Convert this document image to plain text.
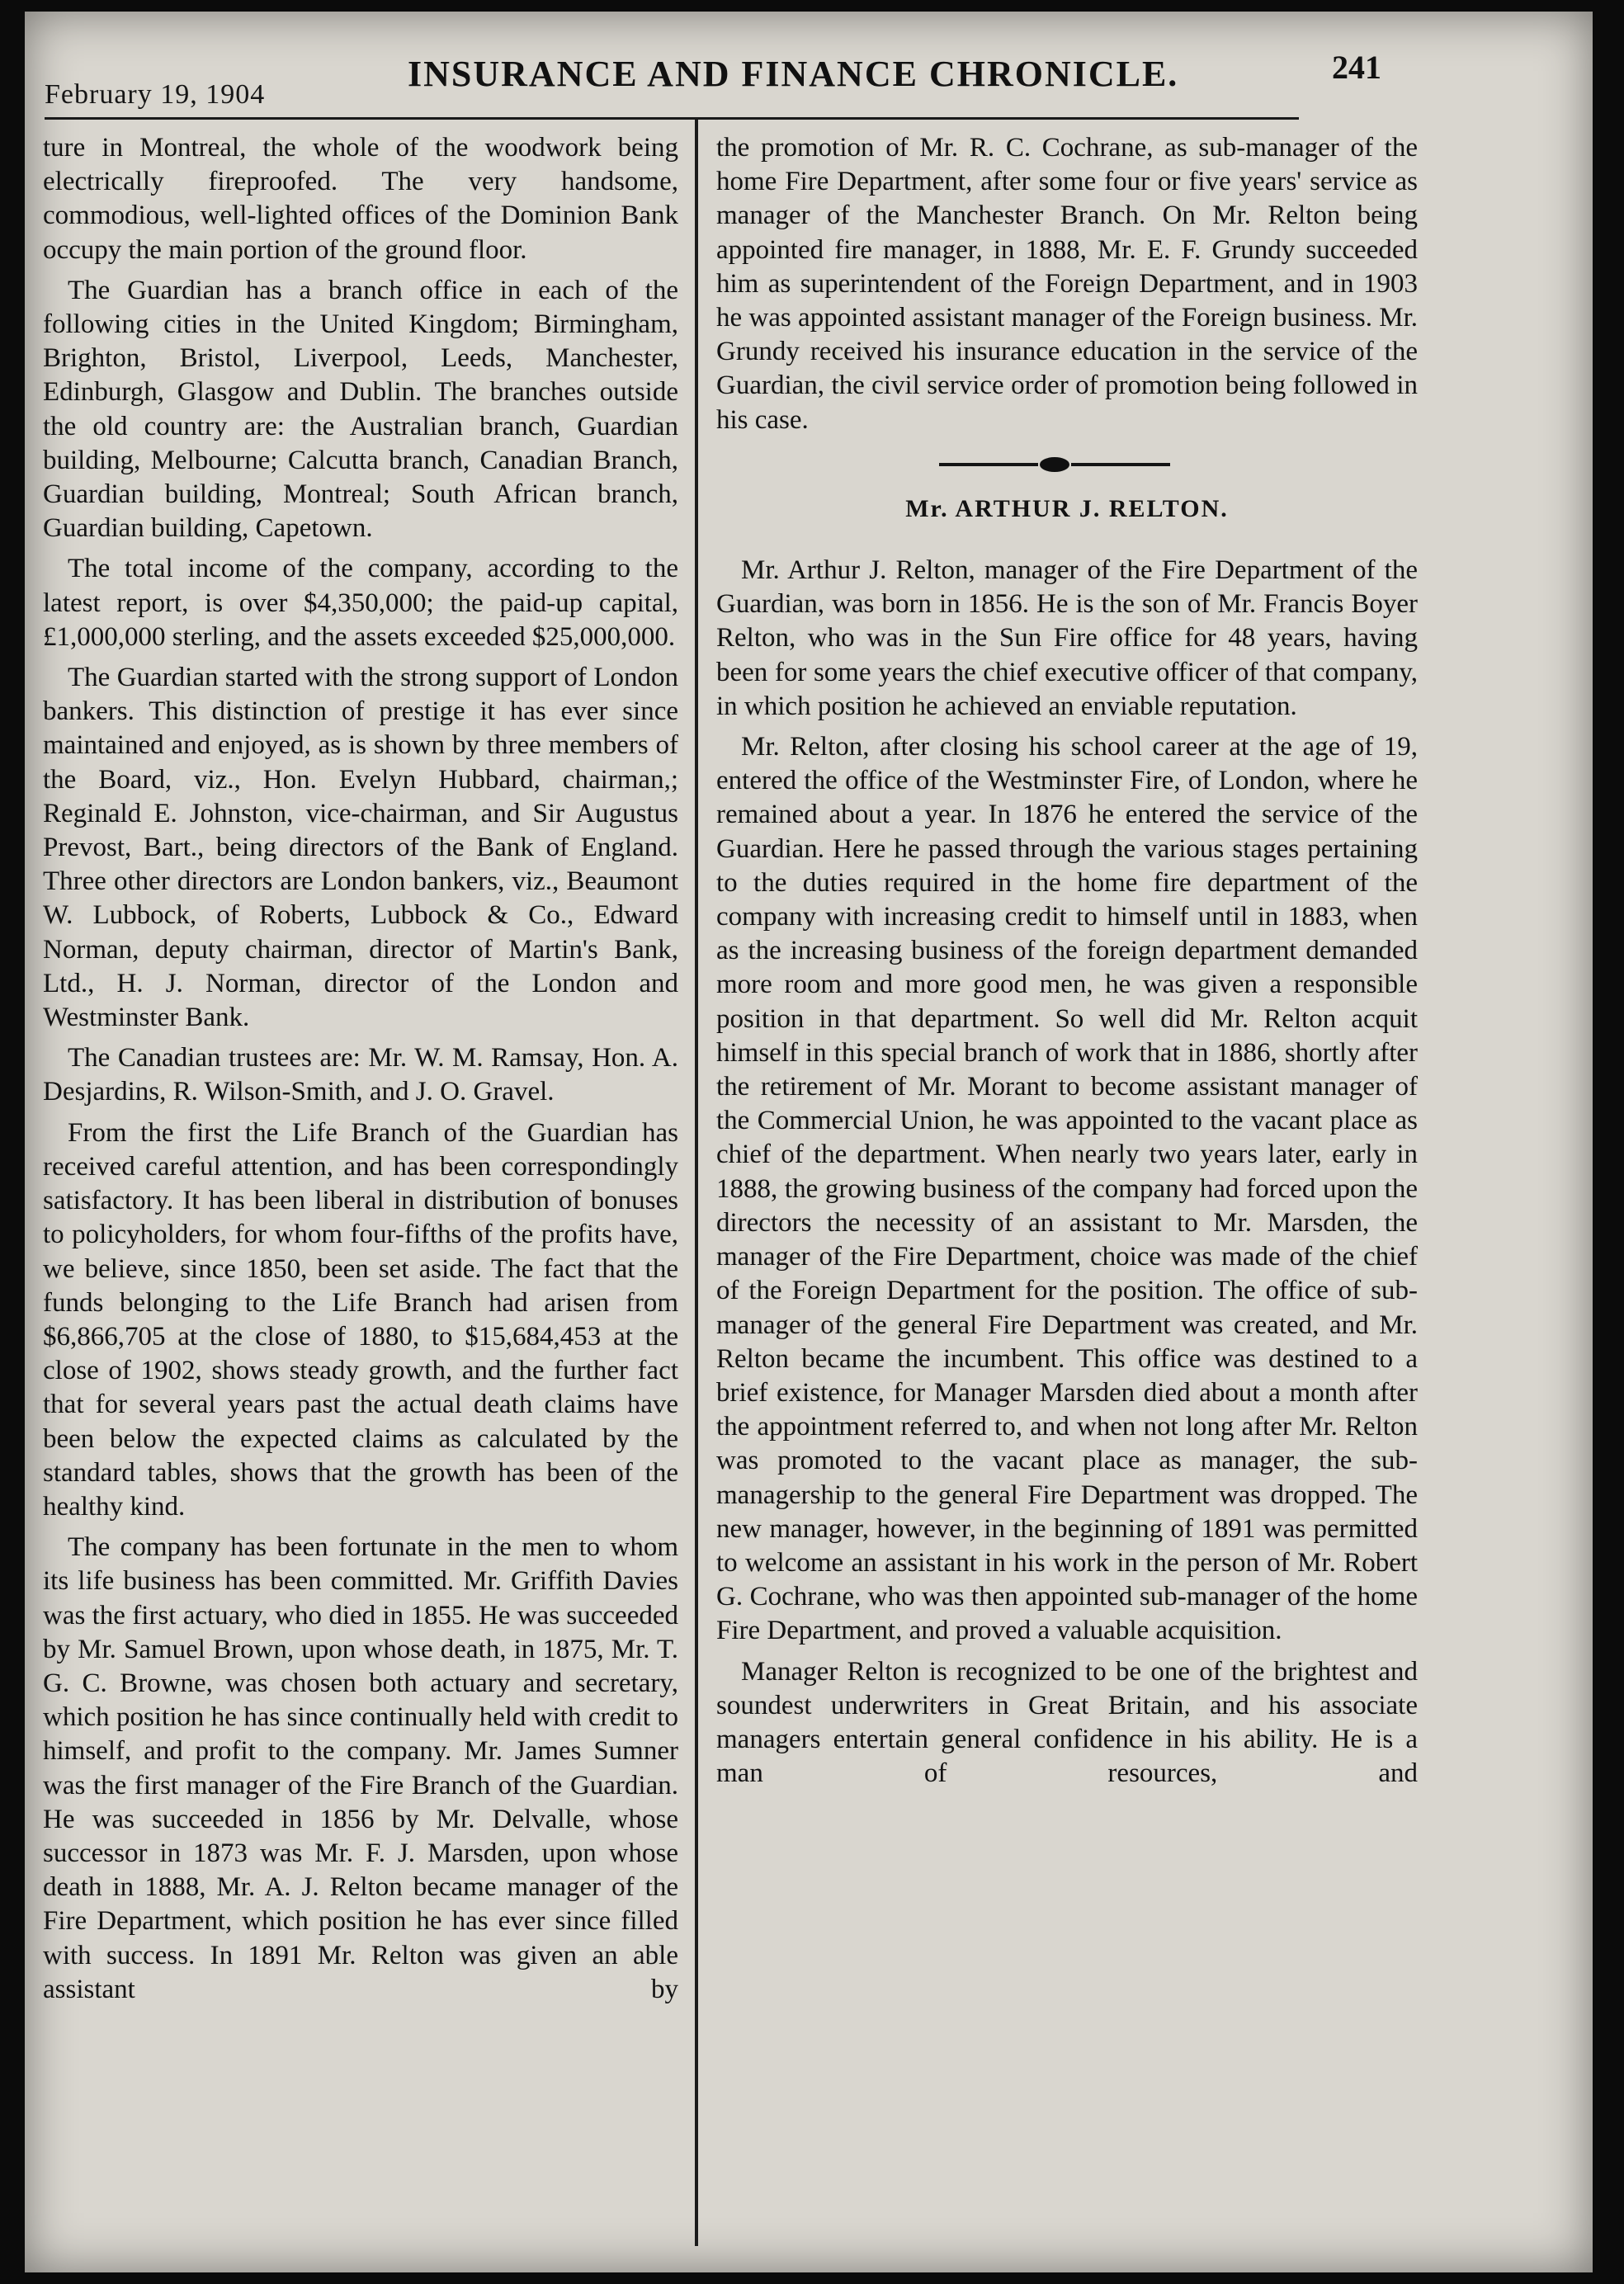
February 19, 1904
INSURANCE AND FINANCE CHRONICLE.	241

ture in Montreal, the whole of the woodwork being electrically fireproofed. The very handsome, commodious, well-lighted offices of the Dominion Bank occupy the main portion of the ground floor.

The Guardian has a branch office in each of the following cities in the United Kingdom; Birmingham, Brighton, Bristol, Liverpool, Leeds, Manchester, Edinburgh, Glasgow and Dublin. The branches outside the old country are: the Australian branch, Guardian building, Melbourne; Calcutta branch, Canadian Branch, Guardian building, Montreal; South African branch, Guardian building, Capetown.

The total income of the company, according to the latest report, is over $4,350,000; the paid-up capital, £1,000,000 sterling, and the assets exceeded $25,000,000.

The Guardian started with the strong support of London bankers. This distinction of prestige it has ever since maintained and enjoyed, as is shown by three members of the Board, viz., Hon. Evelyn Hubbard, chairman,; Reginald E. Johnston, vice-chairman, and Sir Augustus Prevost, Bart., being directors of the Bank of England. Three other directors are London bankers, viz., Beaumont W. Lubbock, of Roberts, Lubbock & Co., Edward Norman, deputy chairman, director of Martin's Bank, Ltd., H. J. Norman, director of the London and Westminster Bank.

The Canadian trustees are: Mr. W. M. Ramsay, Hon. A. Desjardins, R. Wilson-Smith, and J. O. Gravel.

From the first the Life Branch of the Guardian has received careful attention, and has been correspondingly satisfactory. It has been liberal in distribution of bonuses to policyholders, for whom four-fifths of the profits have, we believe, since 1850, been set aside. The fact that the funds belonging to the Life Branch had arisen from $6,866,705 at the close of 1880, to $15,684,453 at the close of 1902, shows steady growth, and the further fact that for several years past the actual death claims have been below the expected claims as calculated by the standard tables, shows that the growth has been of the healthy kind.

The company has been fortunate in the men to whom its life business has been committed. Mr. Griffith Davies was the first actuary, who died in 1855. He was succeeded by Mr. Samuel Brown, upon whose death, in 1875, Mr. T. G. C. Browne, was chosen both actuary and secretary, which position he has since continually held with credit to himself, and profit to the company. Mr. James Sumner was the first manager of the Fire Branch of the Guardian. He was succeeded in 1856 by Mr. Delvalle, whose successor in 1873 was Mr. F. J. Marsden, upon whose death in 1888, Mr. A. J. Relton became manager of the Fire Department, which position he has ever since filled with success. In 1891 Mr. Relton was given an able assistant by

the promotion of Mr. R. C. Cochrane, as sub-manager of the home Fire Department, after some four or five years' service as manager of the Manchester Branch. On Mr. Relton being appointed fire manager, in 1888, Mr. E. F. Grundy succeeded him as superintendent of the Foreign Department, and in 1903 he was appointed assistant manager of the Foreign business. Mr. Grundy received his insurance education in the service of the Guardian, the civil service order of promotion being followed in his case.

Mr. ARTHUR J. RELTON.

Mr. Arthur J. Relton, manager of the Fire Department of the Guardian, was born in 1856. He is the son of Mr. Francis Boyer Relton, who was in the Sun Fire office for 48 years, having been for some years the chief executive officer of that company, in which position he achieved an enviable reputation.

Mr. Relton, after closing his school career at the age of 19, entered the office of the Westminster Fire, of London, where he remained about a year. In 1876 he entered the service of the Guardian. Here he passed through the various stages pertaining to the duties required in the home fire department of the company with increasing credit to himself until in 1883, when as the increasing business of the foreign department demanded more room and more good men, he was given a responsible position in that department. So well did Mr. Relton acquit himself in this special branch of work that in 1886, shortly after the retirement of Mr. Morant to become assistant manager of the Commercial Union, he was appointed to the vacant place as chief of the department. When nearly two years later, early in 1888, the growing business of the company had forced upon the directors the necessity of an assistant to Mr. Marsden, the manager of the Fire Department, choice was made of the chief of the Foreign Department for the position. The office of sub-manager of the general Fire Department was created, and Mr. Relton became the incumbent. This office was destined to a brief existence, for Manager Marsden died about a month after the appointment referred to, and when not long after Mr. Relton was promoted to the vacant place as manager, the sub-managership to the general Fire Department was dropped. The new manager, however, in the beginning of 1891 was permitted to welcome an assistant in his work in the person of Mr. Robert G. Cochrane, who was then appointed sub-manager of the home Fire Department, and proved a valuable acquisition.

Manager Relton is recognized to be one of the brightest and soundest underwriters in Great Britain, and his associate managers entertain general confidence in his ability. He is a man of resources, and
